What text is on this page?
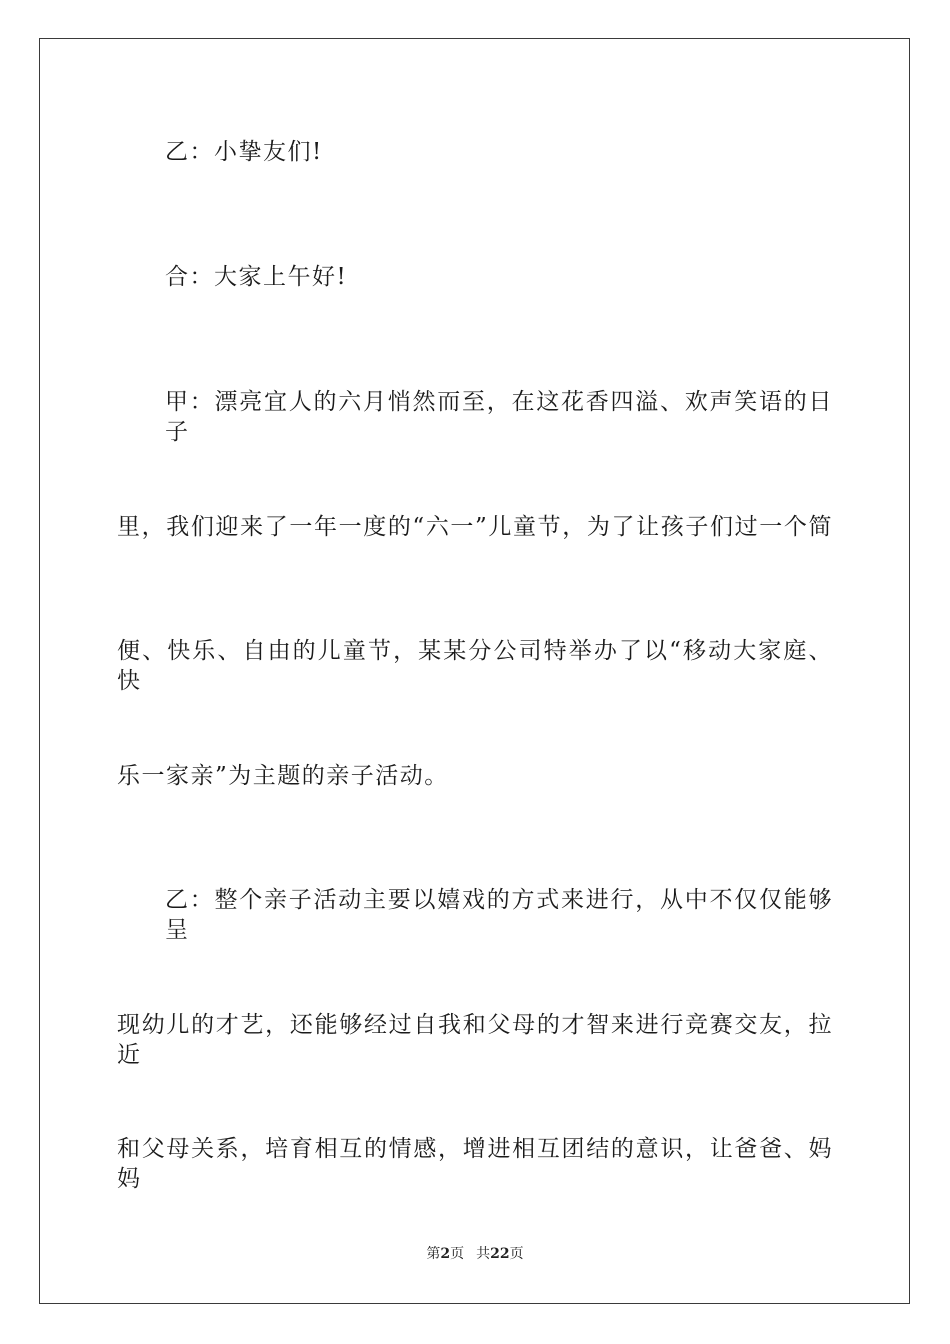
乙：小挚友们!
合：大家上午好!
甲：漂亮宜人的六月悄然而至，在这花香四溢、欢声笑语的日子
里，我们迎来了一年一度的“六一”儿童节，为了让孩子们过一个简
便、快乐、自由的儿童节，某某分公司特举办了以“移动大家庭、快
乐一家亲”为主题的亲子活动。
乙：整个亲子活动主要以嬉戏的方式来进行，从中不仅仅能够呈
现幼儿的才艺，还能够经过自我和父母的才智来进行竞赛交友，拉近
和父母关系，培育相互的情感，增进相互团结的意识，让爸爸、妈妈
第2页 共22页
